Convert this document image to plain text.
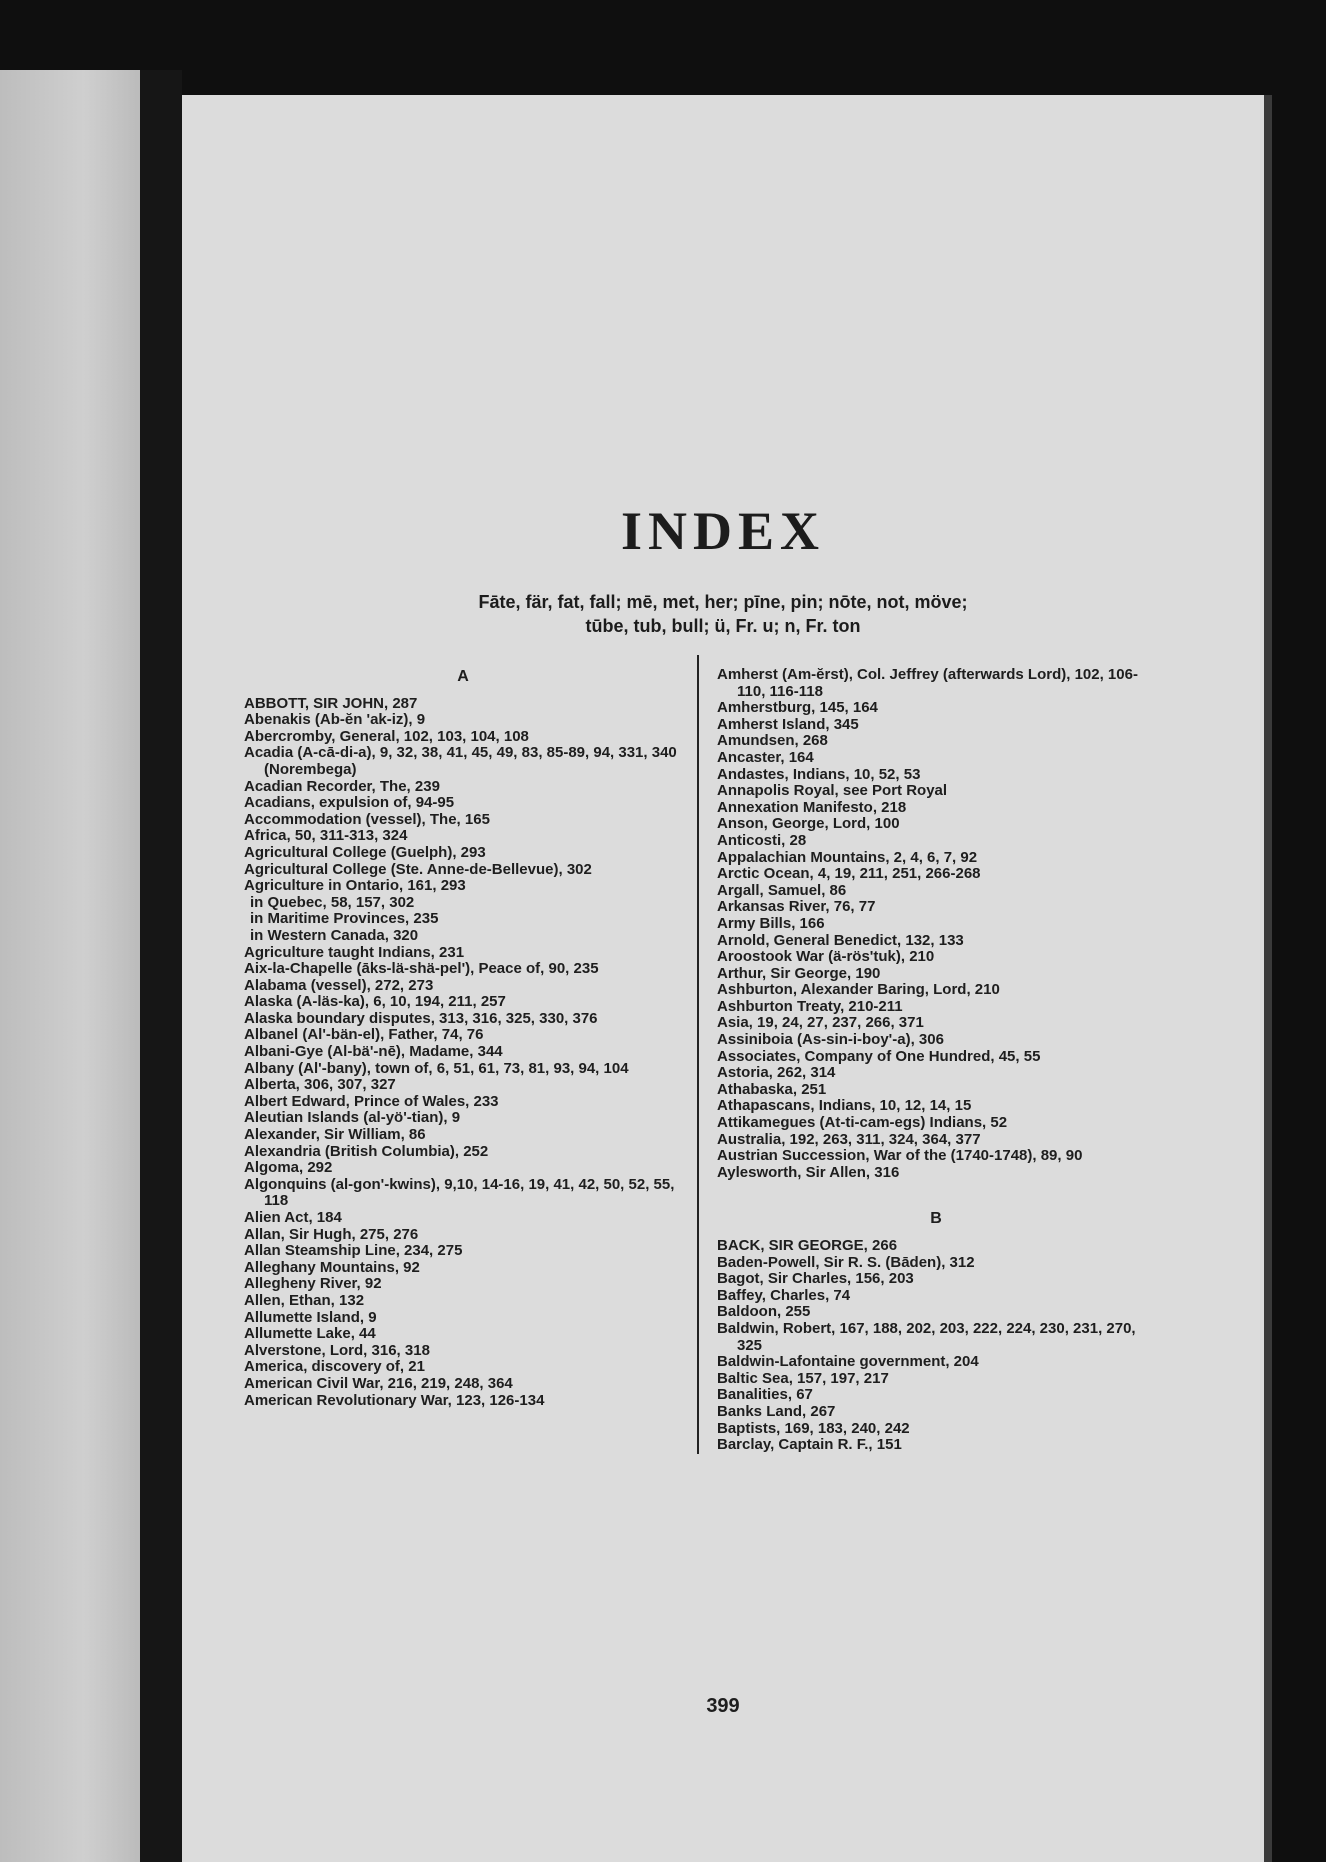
INDEX
Fāte, fär, fat, fall; mē, met, her; pīne, pin; nōte, not, möve;
tūbe, tub, bull; ü, Fr. u; n, Fr. ton
A
ABBOTT, SIR JOHN, 287
Abenakis (Ab-ĕn 'ak-iz), 9
Abercromby, General, 102, 103, 104, 108
Acadia (A-cā-di-a), 9, 32, 38, 41, 45, 49, 83, 85-89, 94, 331, 340 (Norembega)
Acadian Recorder, The, 239
Acadians, expulsion of, 94-95
Accommodation (vessel), The, 165
Africa, 50, 311-313, 324
Agricultural College (Guelph), 293
Agricultural College (Ste. Anne-de-Bellevue), 302
Agriculture in Ontario, 161, 293
in Quebec, 58, 157, 302
in Maritime Provinces, 235
in Western Canada, 320
Agriculture taught Indians, 231
Aix-la-Chapelle (āks-lä-shä-pel'), Peace of, 90, 235
Alabama (vessel), 272, 273
Alaska (A-läs-ka), 6, 10, 194, 211, 257
Alaska boundary disputes, 313, 316, 325, 330, 376
Albanel (Al'-bän-el), Father, 74, 76
Albani-Gye (Al-bä'-nē), Madame, 344
Albany (Al'-bany), town of, 6, 51, 61, 73, 81, 93, 94, 104
Alberta, 306, 307, 327
Albert Edward, Prince of Wales, 233
Aleutian Islands (al-yö'-tian), 9
Alexander, Sir William, 86
Alexandria (British Columbia), 252
Algoma, 292
Algonquins (al-gon'-kwins), 9,10, 14-16, 19, 41, 42, 50, 52, 55, 118
Alien Act, 184
Allan, Sir Hugh, 275, 276
Allan Steamship Line, 234, 275
Alleghany Mountains, 92
Allegheny River, 92
Allen, Ethan, 132
Allumette Island, 9
Allumette Lake, 44
Alverstone, Lord, 316, 318
America, discovery of, 21
American Civil War, 216, 219, 248, 364
American Revolutionary War, 123, 126-134
Amherst (Am-ĕrst), Col. Jeffrey (afterwards Lord), 102, 106-110, 116-118
Amherstburg, 145, 164
Amherst Island, 345
Amundsen, 268
Ancaster, 164
Andastes, Indians, 10, 52, 53
Annapolis Royal, see Port Royal
Annexation Manifesto, 218
Anson, George, Lord, 100
Anticosti, 28
Appalachian Mountains, 2, 4, 6, 7, 92
Arctic Ocean, 4, 19, 211, 251, 266-268
Argall, Samuel, 86
Arkansas River, 76, 77
Army Bills, 166
Arnold, General Benedict, 132, 133
Aroostook War (ä-rös'tuk), 210
Arthur, Sir George, 190
Ashburton, Alexander Baring, Lord, 210
Ashburton Treaty, 210-211
Asia, 19, 24, 27, 237, 266, 371
Assiniboia (As-sin-i-boy'-a), 306
Associates, Company of One Hundred, 45, 55
Astoria, 262, 314
Athabaska, 251
Athapascans, Indians, 10, 12, 14, 15
Attikamegues (At-ti-cam-egs) Indians, 52
Australia, 192, 263, 311, 324, 364, 377
Austrian Succession, War of the (1740-1748), 89, 90
Aylesworth, Sir Allen, 316
B
BACK, SIR GEORGE, 266
Baden-Powell, Sir R. S. (Bāden), 312
Bagot, Sir Charles, 156, 203
Baffey, Charles, 74
Baldoon, 255
Baldwin, Robert, 167, 188, 202, 203, 222, 224, 230, 231, 270, 325
Baldwin-Lafontaine government, 204
Baltic Sea, 157, 197, 217
Banalities, 67
Banks Land, 267
Baptists, 169, 183, 240, 242
Barclay, Captain R. F., 151
399
